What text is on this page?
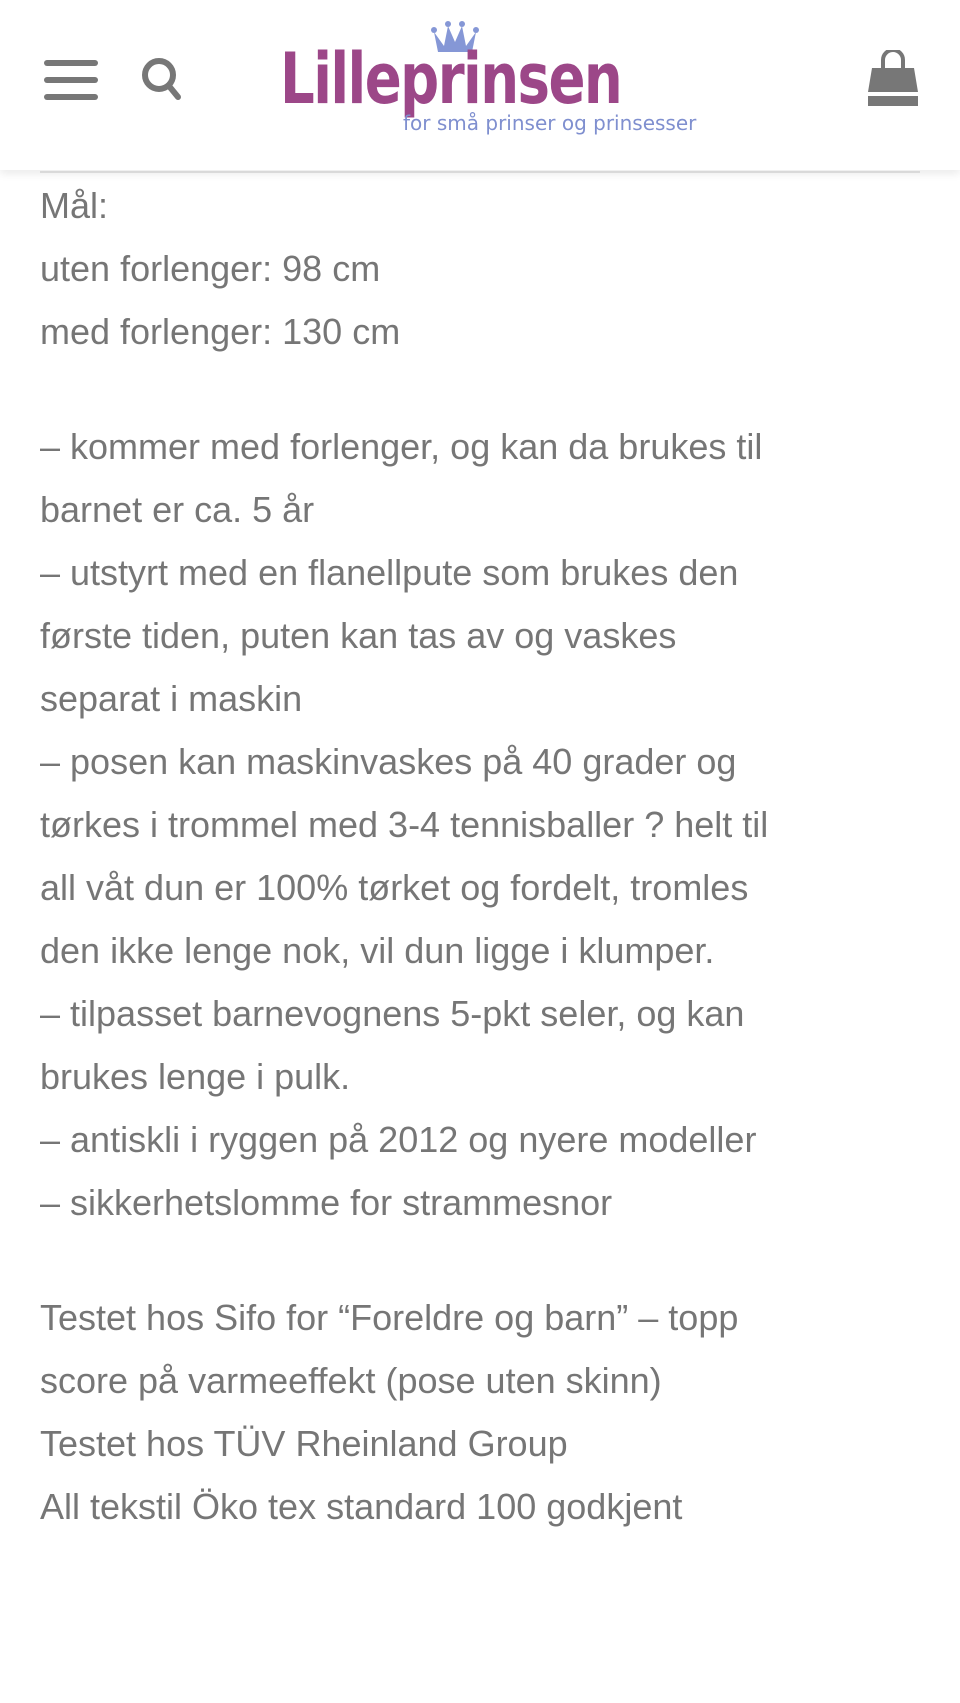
Lilleprinsen
for små prinser og prinsesser
Mål:
uten forlenger: 98 cm
med forlenger: 130 cm
– kommer med forlenger, og kan da brukes til
barnet er ca. 5 år
– utstyrt med en flanellpute som brukes den
første tiden, puten kan tas av og vaskes
separat i maskin
– posen kan maskinvaskes på 40 grader og
tørkes i trommel med 3-4 tennisballer ? helt til
all våt dun er 100% tørket og fordelt, tromles
den ikke lenge nok, vil dun ligge i klumper.
– tilpasset barnevognens 5-pkt seler, og kan
brukes lenge i pulk.
– antiskli i ryggen på 2012 og nyere modeller
– sikkerhetslomme for strammesnor
Testet hos Sifo for “Foreldre og barn” – topp
score på varmeeffekt (pose uten skinn)
Testet hos TÜV Rheinland Group
All tekstil Öko tex standard 100 godkjent
